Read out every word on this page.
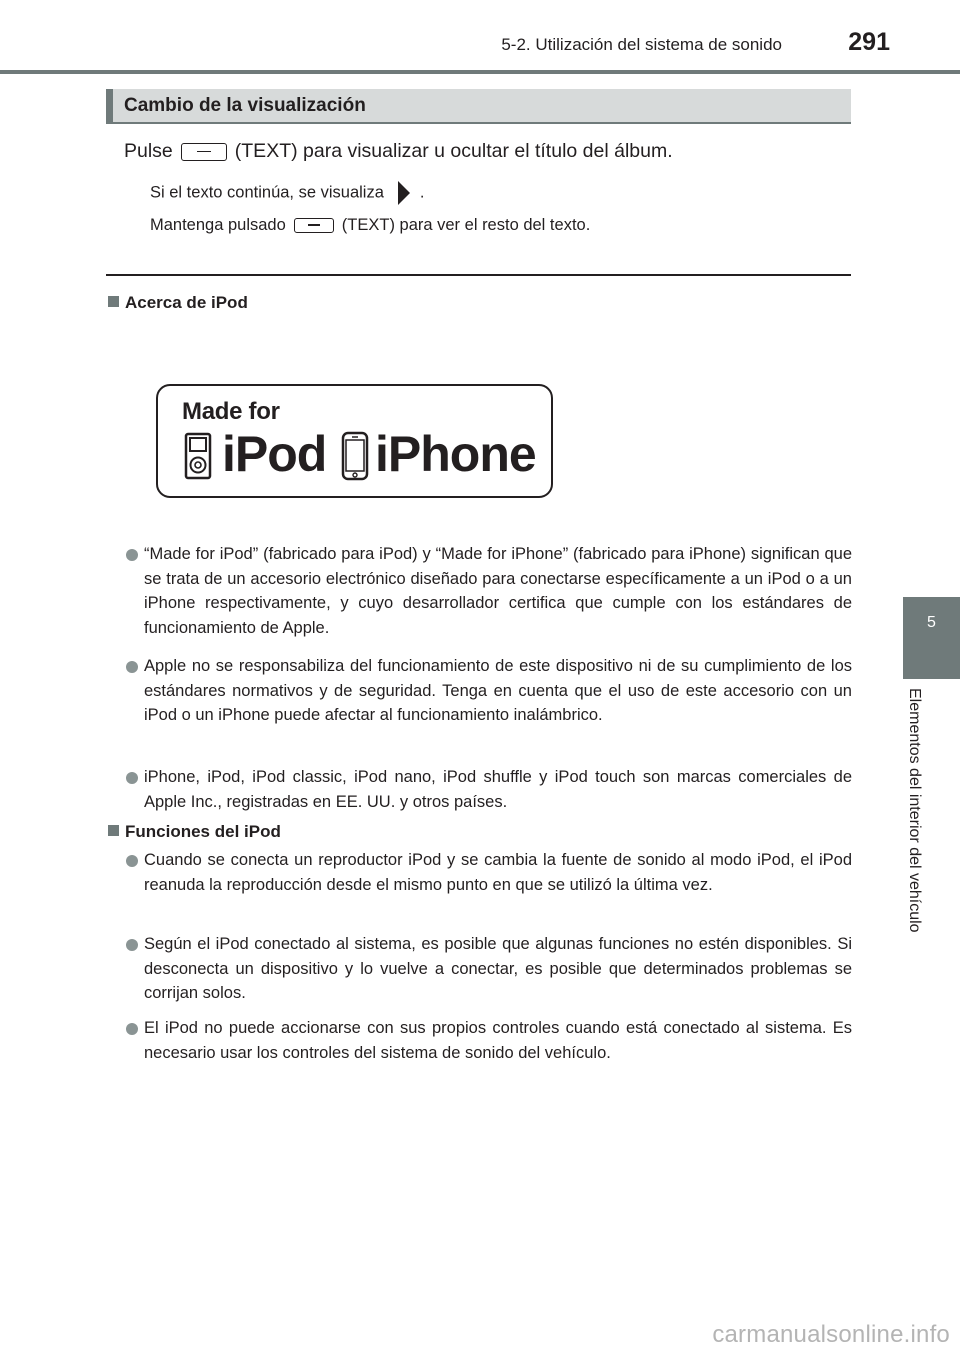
5-2. Utilización del sistema de sonido	291
5
Elementos del interior del vehículo
Cambio de la visualización
Pulse	(TEXT) para visualizar u ocultar el título del álbum.
Si el texto continúa, se visualiza .
Mantenga pulsado	(TEXT) para ver el resto del texto.
Acerca de iPod
Made for
iPod iPhone

“Made for iPod” (fabricado para iPod) y “Made for iPhone” (fabricado para iPhone) significan que se trata de un accesorio electrónico diseñado para conectarse específicamente a un iPod o a un iPhone respectivamente, y cuyo desarrollador certifica que cumple con los estándares de funcionamiento de Apple.

Apple no se responsabiliza del funcionamiento de este dispositivo ni de su cumplimiento de los estándares normativos y de seguridad. Tenga en cuenta que el uso de este accesorio con un iPod o un iPhone puede afectar al funcionamiento inalámbrico.

iPhone, iPod, iPod classic, iPod nano, iPod shuffle y iPod touch son marcas comerciales de Apple Inc., registradas en EE. UU. y otros países.

Funciones del iPod

Cuando se conecta un reproductor iPod y se cambia la fuente de sonido al modo iPod, el iPod reanuda la reproducción desde el mismo punto en que se utilizó la última vez.

Según el iPod conectado al sistema, es posible que algunas funciones no estén disponibles. Si desconecta un dispositivo y lo vuelve a conectar, es posible que determinados problemas se corrijan solos.

El iPod no puede accionarse con sus propios controles cuando está conectado al sistema. Es necesario usar los controles del sistema de sonido del vehículo.

carmanualsonline.info
